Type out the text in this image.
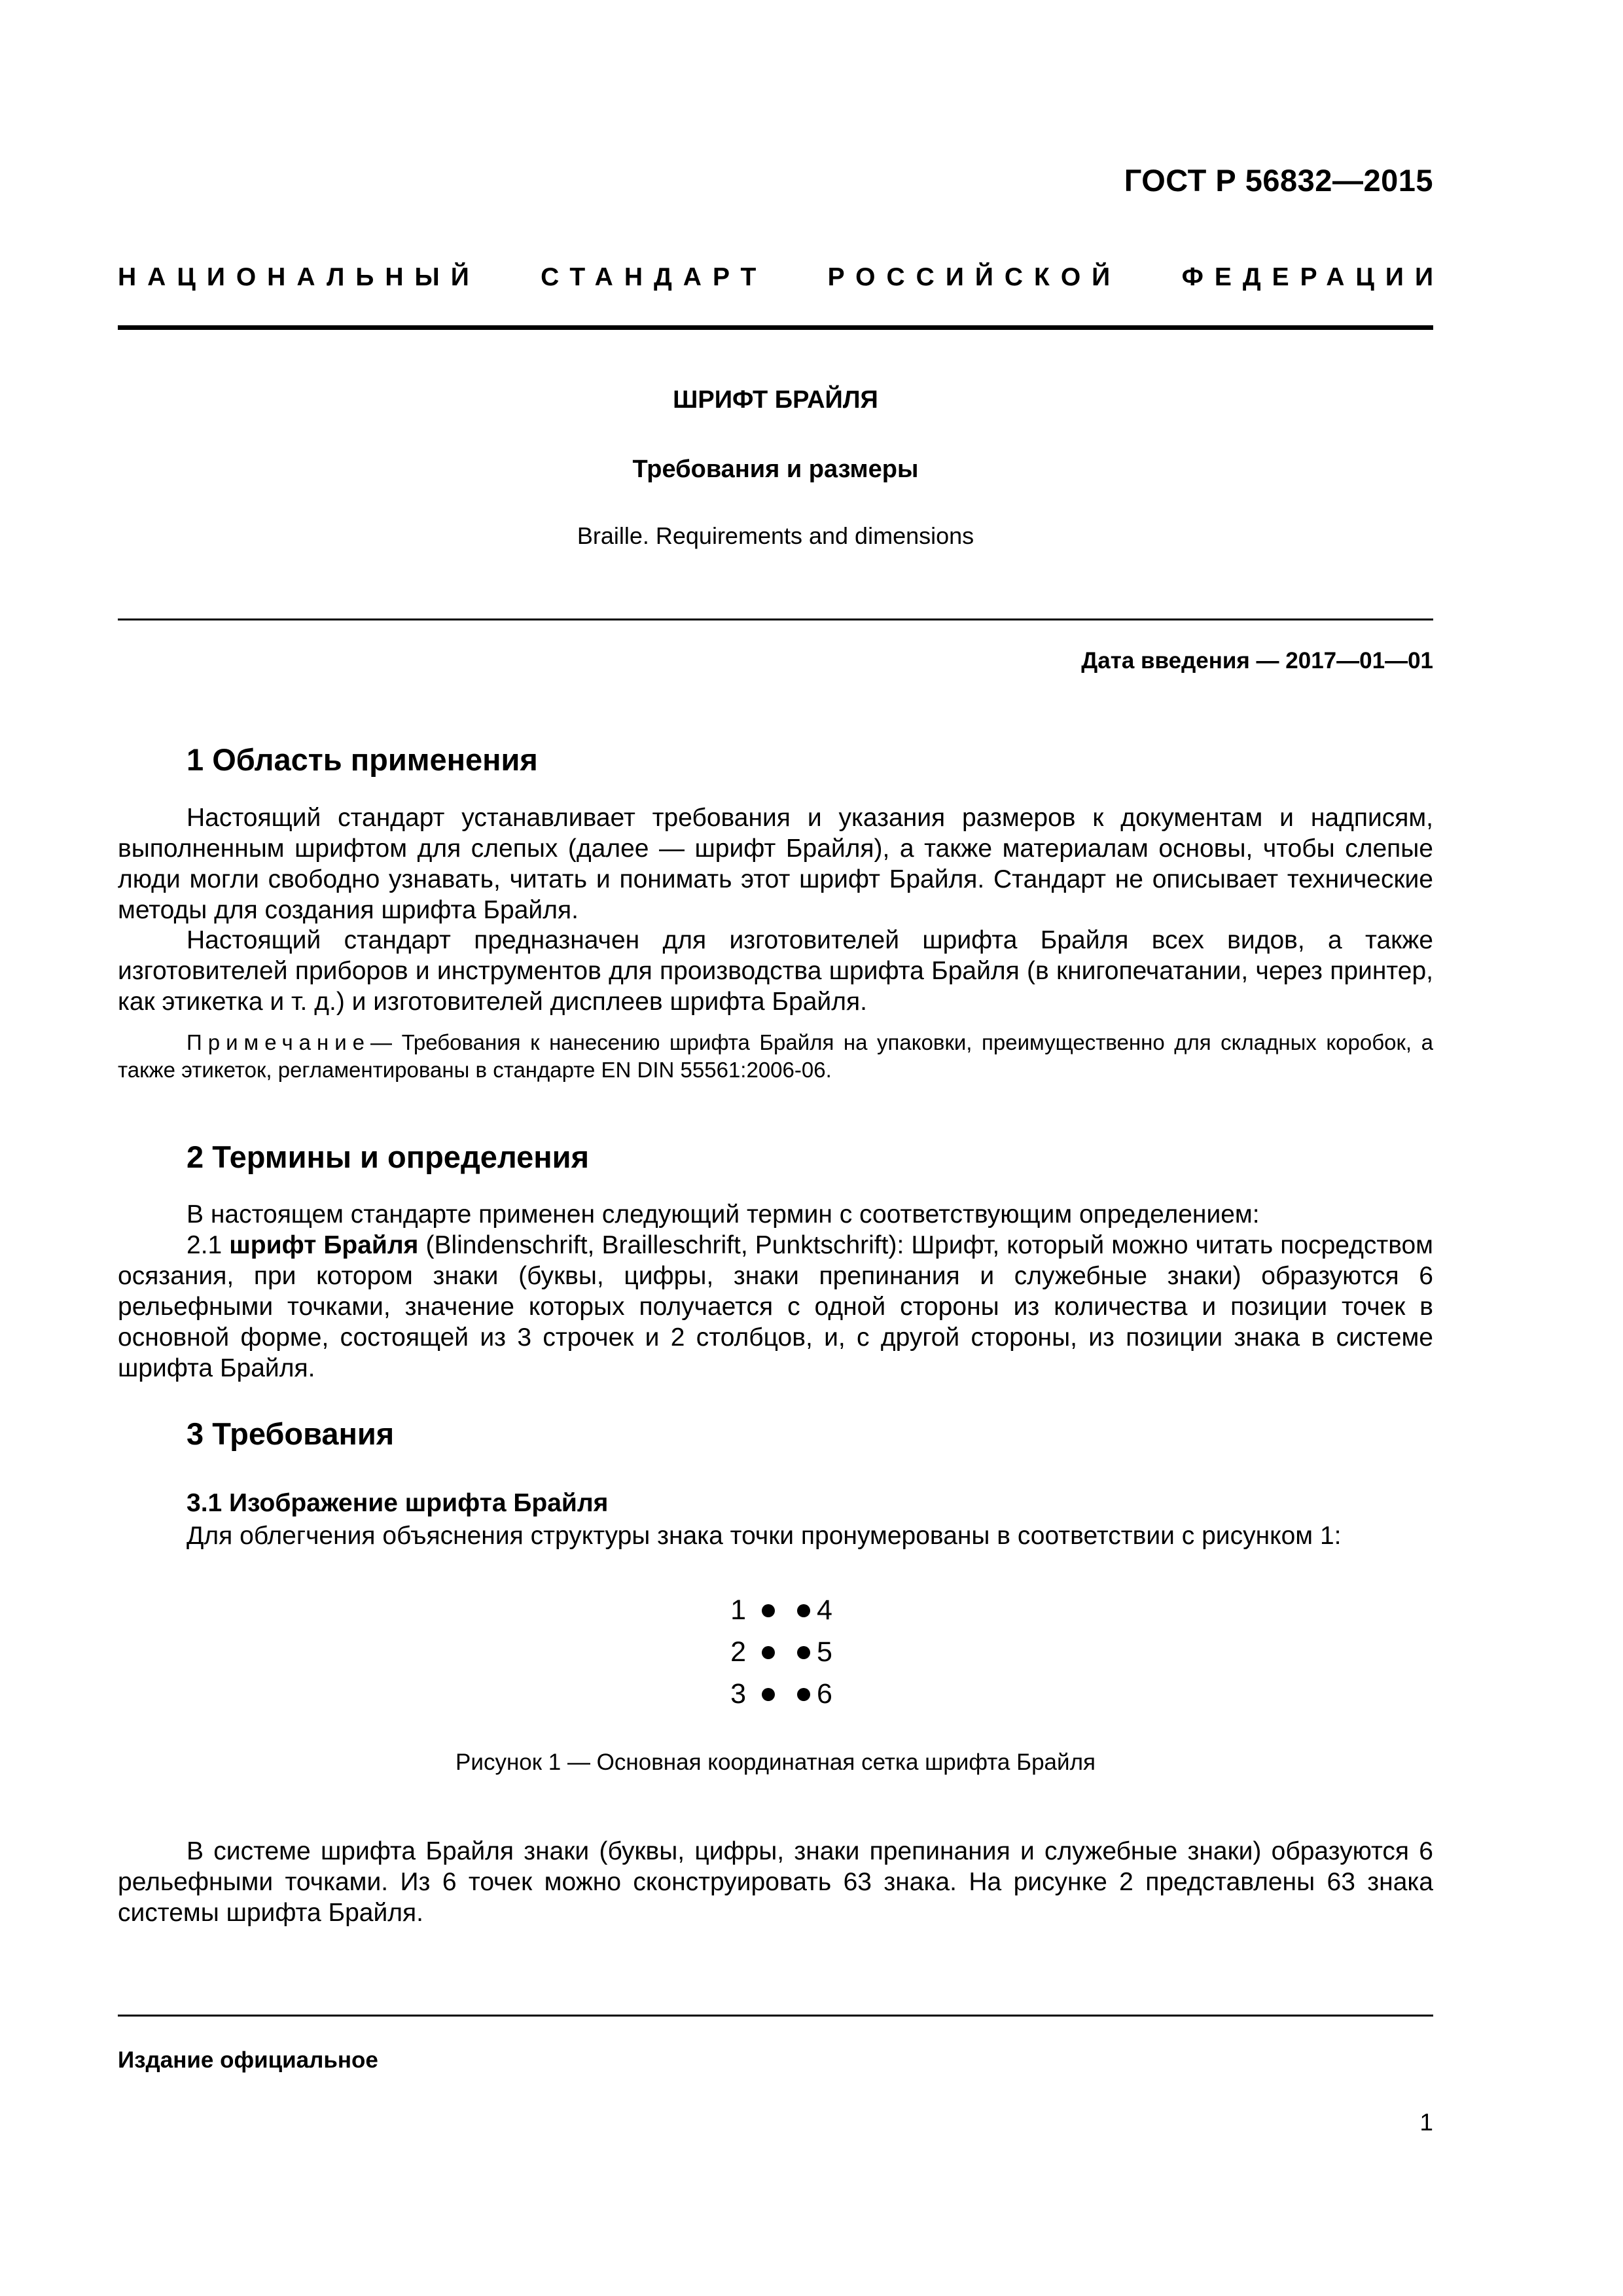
ГОСТ Р 56832—2015
НАЦИОНАЛЬНЫЙ СТАНДАРТ РОССИЙСКОЙ ФЕДЕРАЦИИ
ШРИФТ БРАЙЛЯ
Требования и размеры
Braille. Requirements and dimensions
Дата введения — 2017—01—01
1 Область применения

Настоящий стандарт устанавливает требования и указания размеров к документам и надписям, выполненным шрифтом для слепых (далее — шрифт Брайля), а также материалам основы, чтобы слепые люди могли свободно узнавать, читать и понимать этот шрифт Брайля. Стандарт не описывает технические методы для создания шрифта Брайля.

Настоящий стандарт предназначен для изготовителей шрифта Брайля всех видов, а также изготовителей приборов и инструментов для производства шрифта Брайля (в книгопечатании, через принтер, как этикетка и т. д.) и изготовителей дисплеев шрифта Брайля.

Примечание— Требования к нанесению шрифта Брайля на упаковки, преимущественно для складных коробок, а также этикеток, регламентированы в стандарте EN DIN 55561:2006-06.

2 Термины и определения

В настоящем стандарте применен следующий термин с соответствующим определением:

2.1 шрифт Брайля (Blindenschrift, Brailleschrift, Punktschrift): Шрифт, который можно читать посредством осязания, при котором знаки (буквы, цифры, знаки препинания и служебные знаки) образуются 6 рельефными точками, значение которых получается с одной стороны из количества и позиции точек в основной форме, состоящей из 3 строчек и 2 столбцов, и, с другой стороны, из позиции знака в системе шрифта Брайля.

3 Требования
3.1 Изображение шрифта Брайля

Для облегчения объяснения структуры знака точки пронумерованы в соответствии с рисунком 1:

1	4
2	5
3	6
Рисунок 1 — Основная координатная сетка шрифта Брайля

В системе шрифта Брайля знаки (буквы, цифры, знаки препинания и служебные знаки) образуются 6 рельефными точками. Из 6 точек можно сконструировать 63 знака. На рисунке 2 представлены 63 знака системы шрифта Брайля.

Издание официальное
1
